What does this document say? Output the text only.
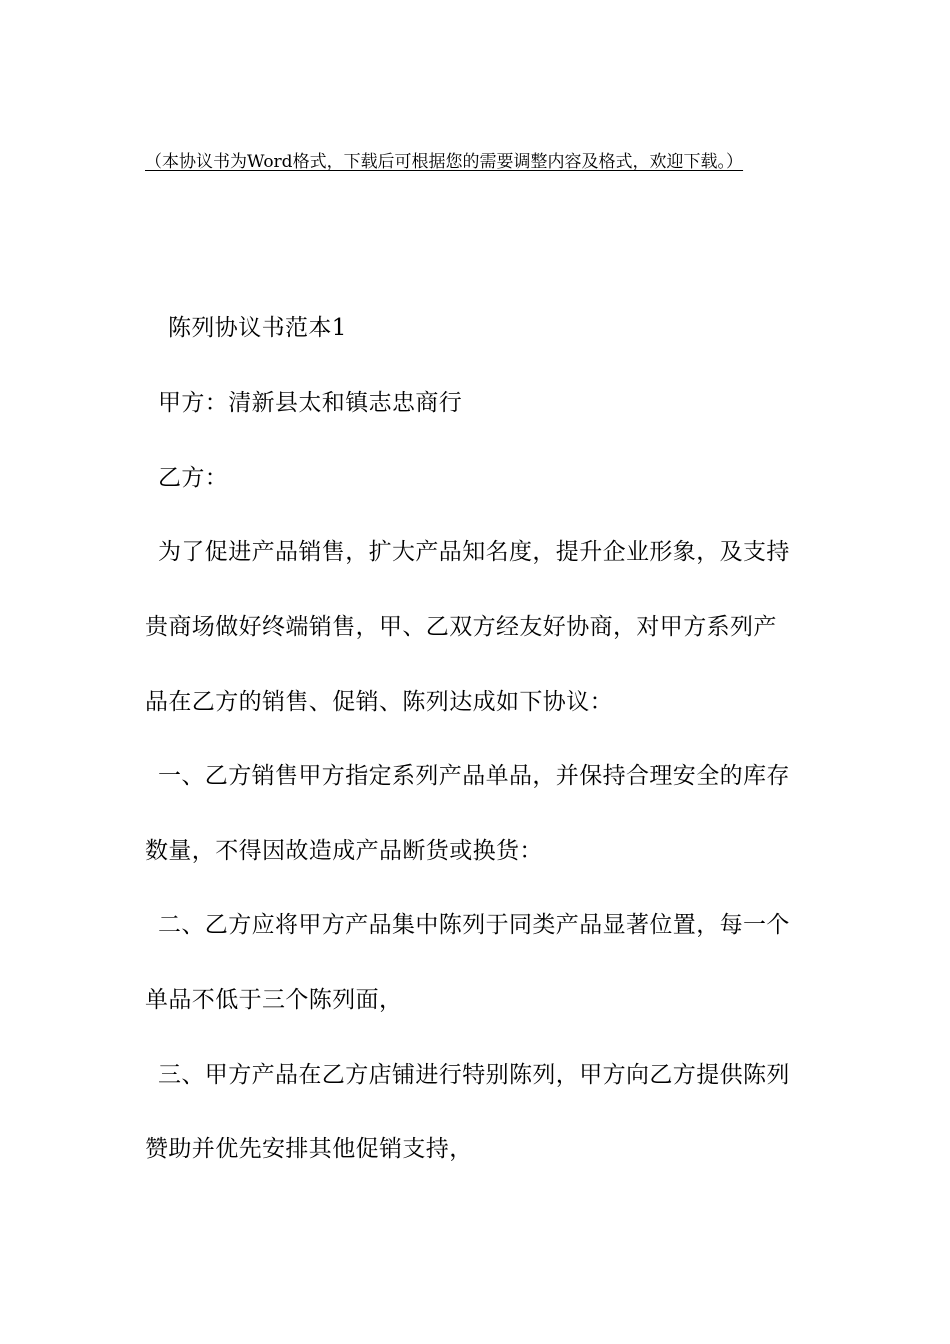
（本协议书为Word格式，下载后可根据您的需要调整内容及格式，欢迎下载。）
陈列协议书范本1
甲方：清新县太和镇志忠商行
乙方：
为了促进产品销售，扩大产品知名度，提升企业形象，及支持
贵商场做好终端销售，甲、乙双方经友好协商，对甲方系列产
品在乙方的销售、促销、陈列达成如下协议：
一、乙方销售甲方指定系列产品单品，并保持合理安全的库存
数量，不得因故造成产品断货或换货：
二、乙方应将甲方产品集中陈列于同类产品显著位置，每一个
单品不低于三个陈列面，
三、甲方产品在乙方店铺进行特别陈列，甲方向乙方提供陈列
赞助并优先安排其他促销支持，
